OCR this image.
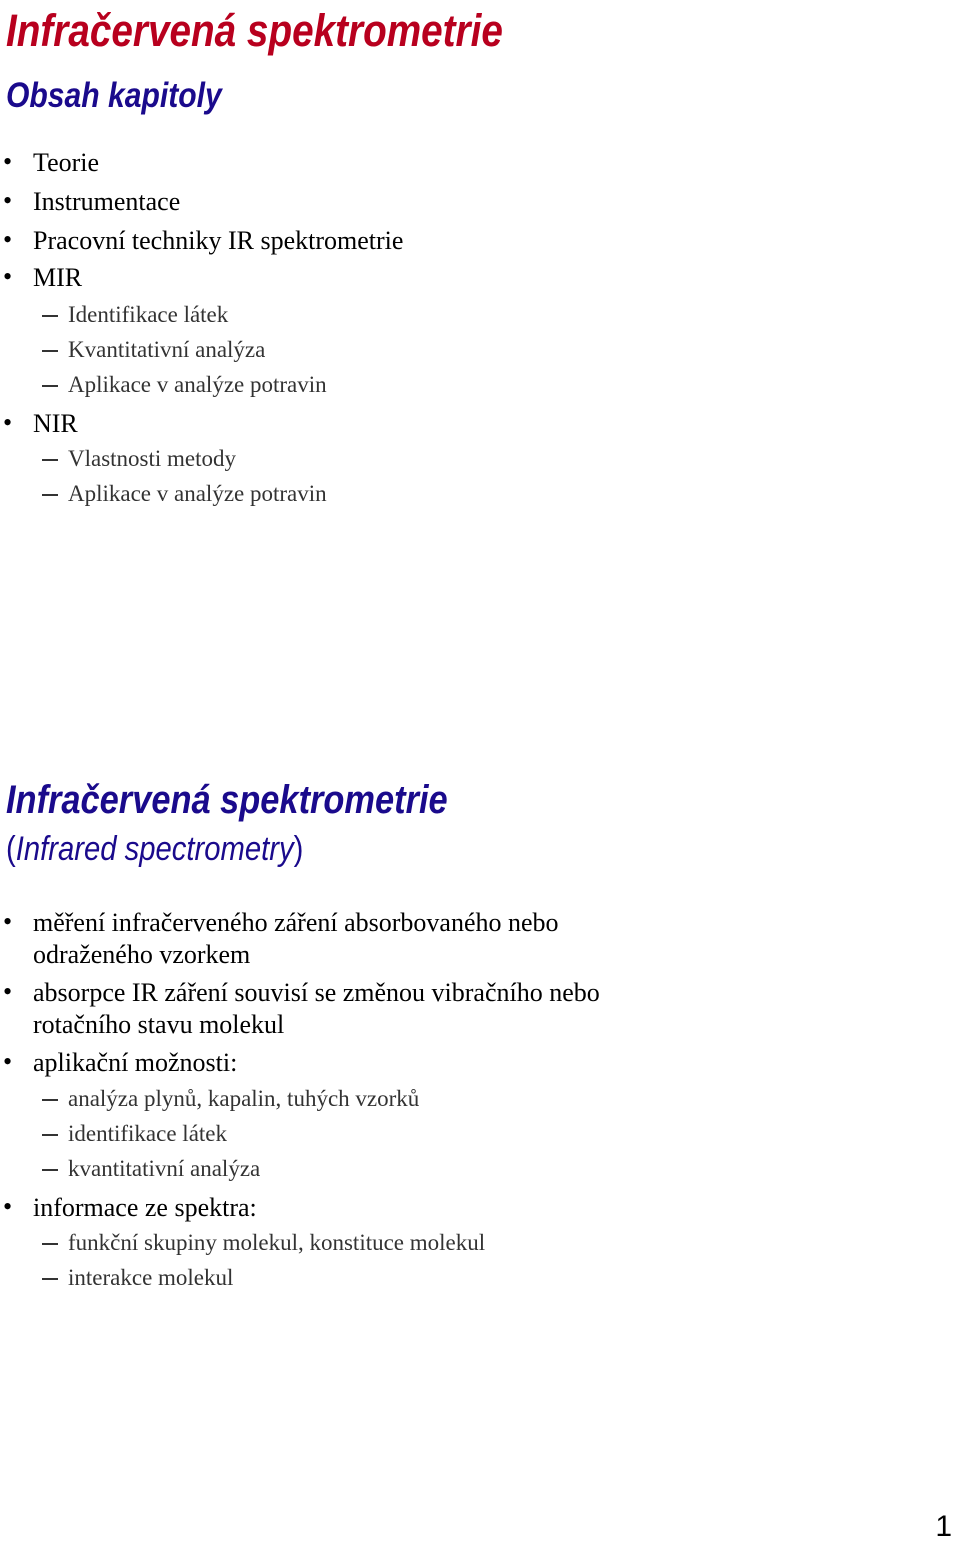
Infračervená spektrometrie
Obsah kapitoly
• Teorie
• Instrumentace
• Pracovní techniky IR spektrometrie
• MIR
Identifikace látek
Kvantitativní analýza
Aplikace v analýze potravin
• NIR
Vlastnosti metody
Aplikace v analýze potravin
Infračervená spektrometrie
(Infrared spectrometry)
• měření infračerveného záření absorbovaného nebo
odraženého vzorkem
• absorpce IR záření souvisí se změnou vibračního nebo
rotačního stavu molekul
• aplikační možnosti:
analýza plynů, kapalin, tuhých vzorků
identifikace látek
kvantitativní analýza
• informace ze spektra:
funkční skupiny molekul, konstituce molekul
interakce molekul
1
